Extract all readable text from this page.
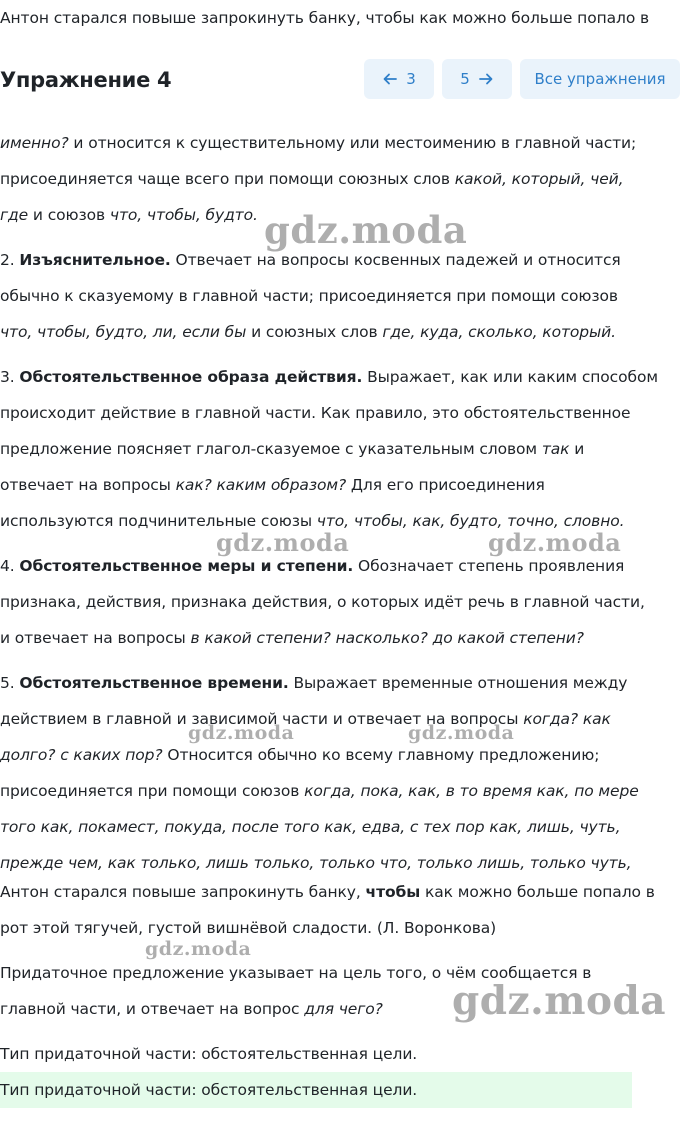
Антон старался повыше запрокинуть банку, чтобы как можно больше попало в
Упражнение 4	3	5	Все упражнения
именно? и относится к существительному или местоимению в главной части;
присоединяется чаще всего при помощи союзных слов какой, который, чей,
где и союзов что, чтобы, будто.
2. Изъяснительное. Отвечает на вопросы косвенных падежей и относится
обычно к сказуемому в главной части; присоединяется при помощи союзов
что, чтобы, будто, ли, если бы и союзных слов где, куда, сколько, который.
3. Обстоятельственное образа действия. Выражает, как или каким способом
происходит действие в главной части. Как правило, это обстоятельственное
предложение поясняет глагол-сказуемое с указательным словом так и
отвечает на вопросы как? каким образом? Для его присоединения
используются подчинительные союзы что, чтобы, как, будто, точно, словно.
4. Обстоятельственное меры и степени. Обозначает степень проявления
признака, действия, признака действия, о которых идёт речь в главной части,
и отвечает на вопросы в какой степени? насколько? до какой степени?
5. Обстоятельственное времени. Выражает временные отношения между
действием в главной и зависимой части и отвечает на вопросы когда? как
долго? с каких пор? Относится обычно ко всему главному предложению;
присоединяется при помощи союзов когда, пока, как, в то время как, по мере
того как, покамест, покуда, после того как, едва, с тех пор как, лишь, чуть,
прежде чем, как только, лишь только, только что, только лишь, только чуть,
Антон старался повыше запрокинуть банку, чтобы как можно больше попало в
рот этой тягучей, густой вишнёвой сладости. (Л. Воронкова)
Придаточное предложение указывает на цель того, о чём сообщается в
главной части, и отвечает на вопрос для чего?
Тип придаточной части: обстоятельственная цели.
Тип придаточной части: обстоятельственная цели.
gdz.moda
gdz.moda	gdz.moda
gdz.moda	gdz.moda
gdz.moda
gdz.moda
